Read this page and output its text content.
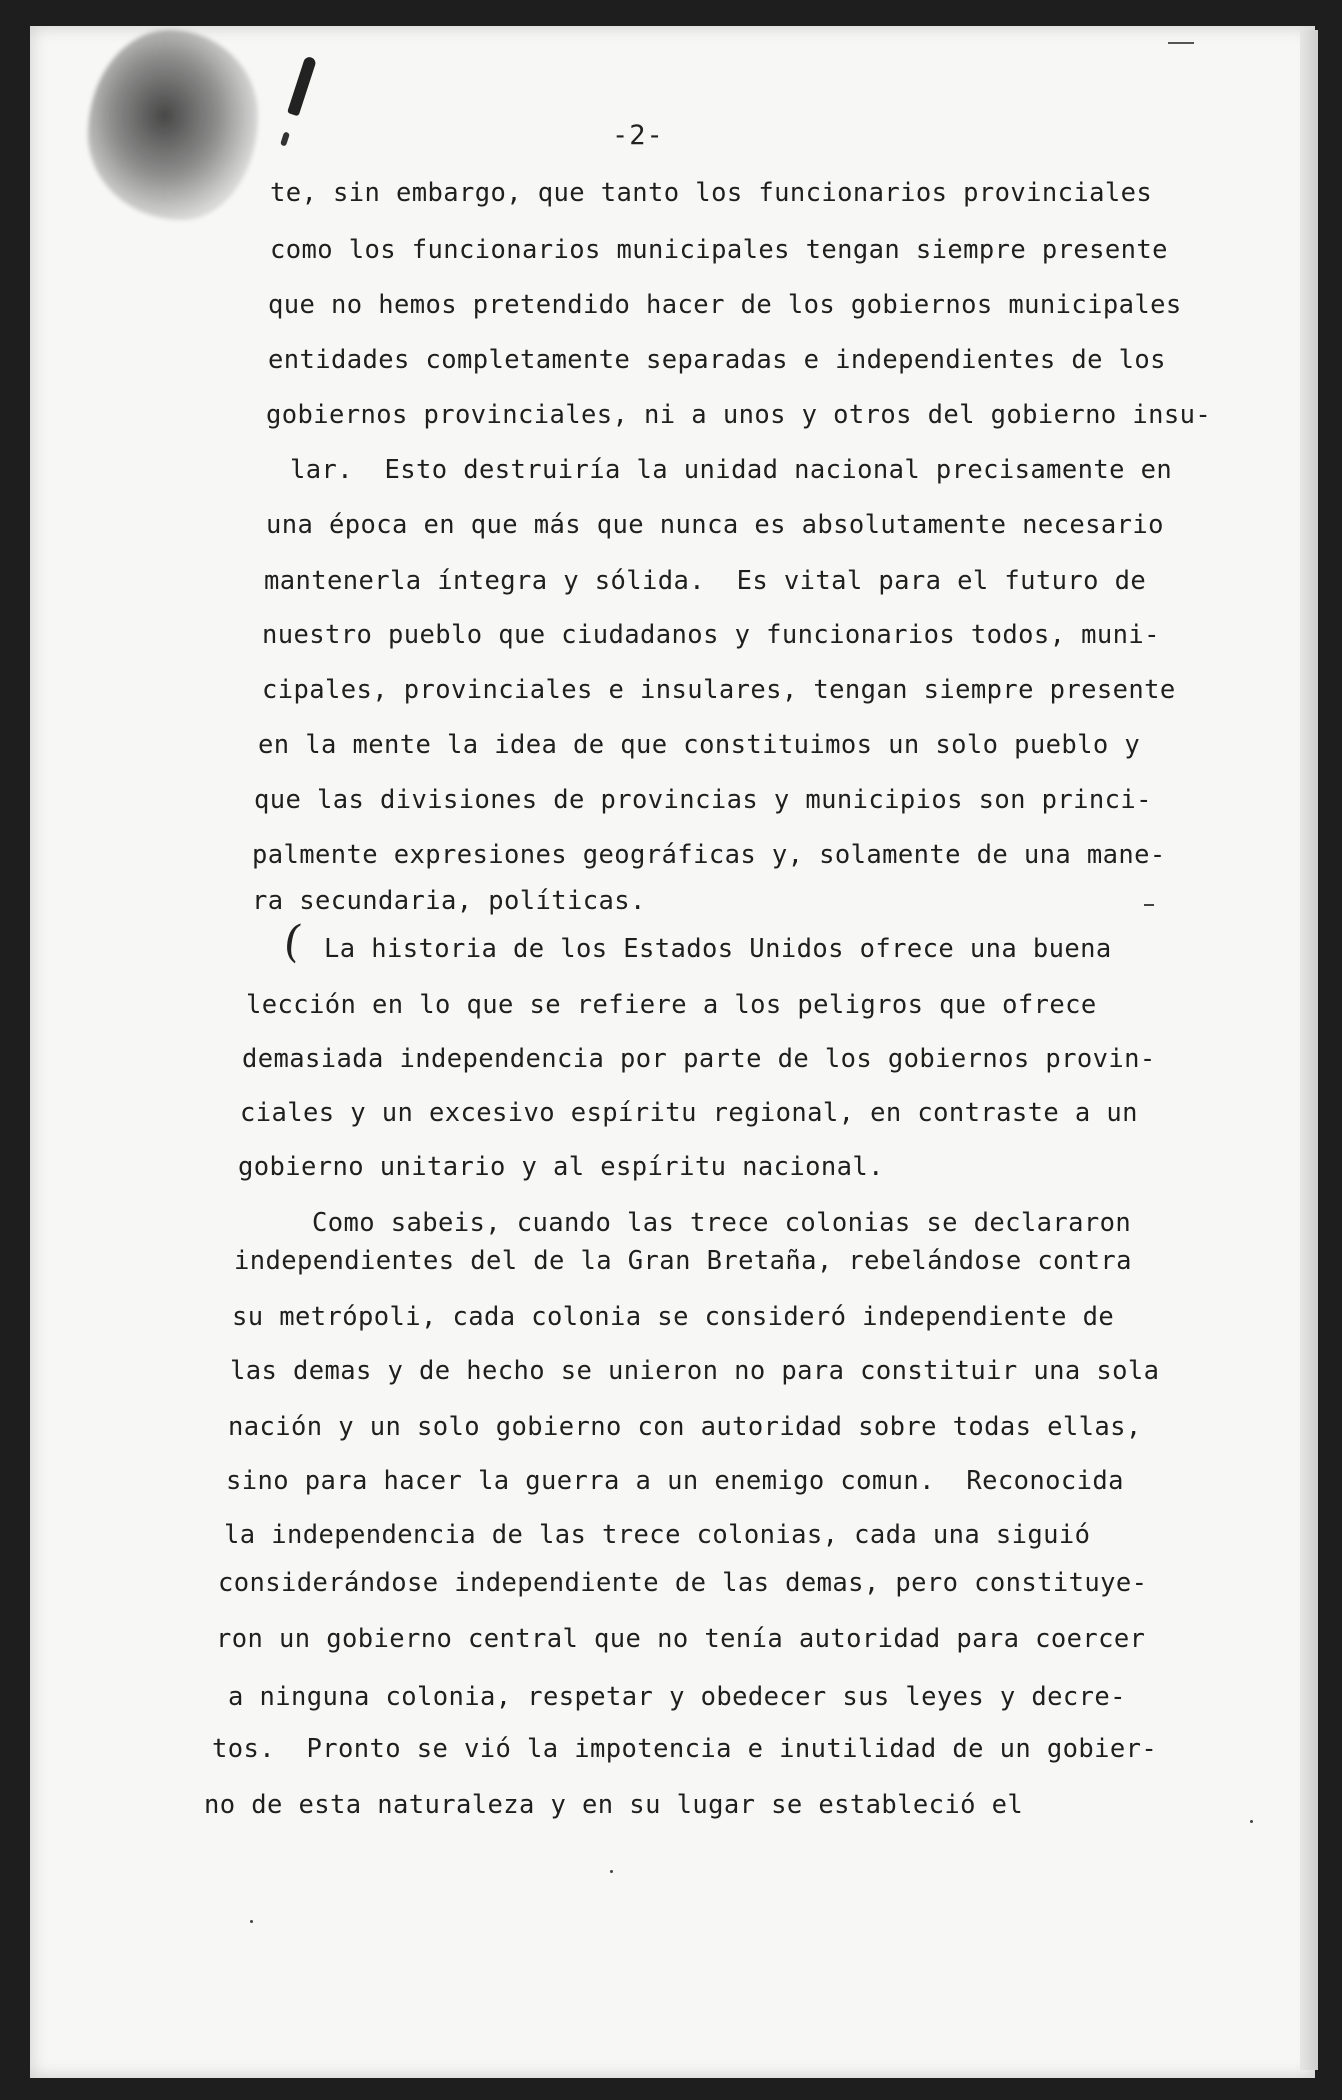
-2-
te, sin embargo, que tanto los funcionarios provinciales
como los funcionarios municipales tengan siempre presente
que no hemos pretendido hacer de los gobiernos municipales
entidades completamente separadas e independientes de los
gobiernos provinciales, ni a unos y otros del gobierno insu-
lar.  Esto destruiría la unidad nacional precisamente en
una época en que más que nunca es absolutamente necesario
mantenerla íntegra y sólida.  Es vital para el futuro de
nuestro pueblo que ciudadanos y funcionarios todos, muni-
cipales, provinciales e insulares, tengan siempre presente
en la mente la idea de que constituimos un solo pueblo y
que las divisiones de provincias y municipios son princi-
palmente expresiones geográficas y, solamente de una mane-
ra secundaria, políticas.
( La historia de los Estados Unidos ofrece una buena
lección en lo que se refiere a los peligros que ofrece
demasiada independencia por parte de los gobiernos provin-
ciales y un excesivo espíritu regional, en contraste a un
gobierno unitario y al espíritu nacional.
Como sabeis, cuando las trece colonias se declararon
independientes del de la Gran Bretaña, rebelándose contra
su metrópoli, cada colonia se consideró independiente de
las demas y de hecho se unieron no para constituir una sola
nación y un solo gobierno con autoridad sobre todas ellas,
sino para hacer la guerra a un enemigo comun.  Reconocida
la independencia de las trece colonias, cada una siguió
considerándose independiente de las demas, pero constituye-
ron un gobierno central que no tenía autoridad para coercer
a ninguna colonia, respetar y obedecer sus leyes y decre-
tos.  Pronto se vió la impotencia e inutilidad de un gobier-
no de esta naturaleza y en su lugar se estableció el
